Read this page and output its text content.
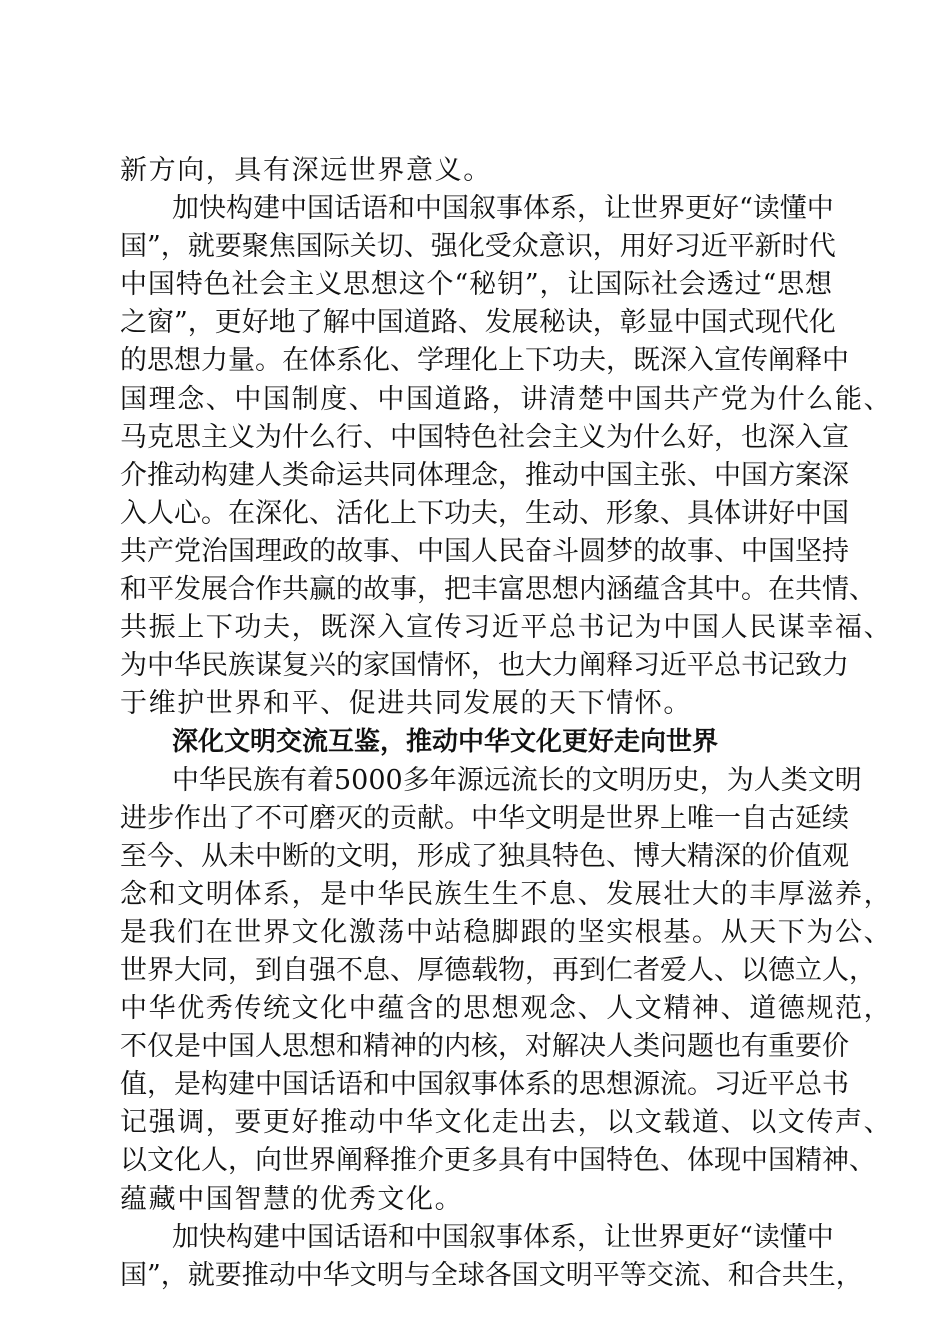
新方向，具有深远世界意义。
加快构建中国话语和中国叙事体系，让世界更好“读懂中
国”，就要聚焦国际关切、强化受众意识，用好习近平新时代
中国特色社会主义思想这个“秘钥”，让国际社会透过“思想
之窗”，更好地了解中国道路、发展秘诀，彰显中国式现代化
的思想力量。在体系化、学理化上下功夫，既深入宣传阐释中
国理念、中国制度、中国道路，讲清楚中国共产党为什么能、
马克思主义为什么行、中国特色社会主义为什么好，也深入宣
介推动构建人类命运共同体理念，推动中国主张、中国方案深
入人心。在深化、活化上下功夫，生动、形象、具体讲好中国
共产党治国理政的故事、中国人民奋斗圆梦的故事、中国坚持
和平发展合作共赢的故事，把丰富思想内涵蕴含其中。在共情、
共振上下功夫，既深入宣传习近平总书记为中国人民谋幸福、
为中华民族谋复兴的家国情怀，也大力阐释习近平总书记致力
于维护世界和平、促进共同发展的天下情怀。
深化文明交流互鉴，推动中华文化更好走向世界
中华民族有着5000多年源远流长的文明历史，为人类文明
进步作出了不可磨灭的贡献。中华文明是世界上唯一自古延续
至今、从未中断的文明，形成了独具特色、博大精深的价值观
念和文明体系，是中华民族生生不息、发展壮大的丰厚滋养，
是我们在世界文化激荡中站稳脚跟的坚实根基。从天下为公、
世界大同，到自强不息、厚德载物，再到仁者爱人、以德立人，
中华优秀传统文化中蕴含的思想观念、人文精神、道德规范，
不仅是中国人思想和精神的内核，对解决人类问题也有重要价
值，是构建中国话语和中国叙事体系的思想源流。习近平总书
记强调，要更好推动中华文化走出去，以文载道、以文传声、
以文化人，向世界阐释推介更多具有中国特色、体现中国精神、
蕴藏中国智慧的优秀文化。
加快构建中国话语和中国叙事体系，让世界更好“读懂中
国”，就要推动中华文明与全球各国文明平等交流、和合共生，
